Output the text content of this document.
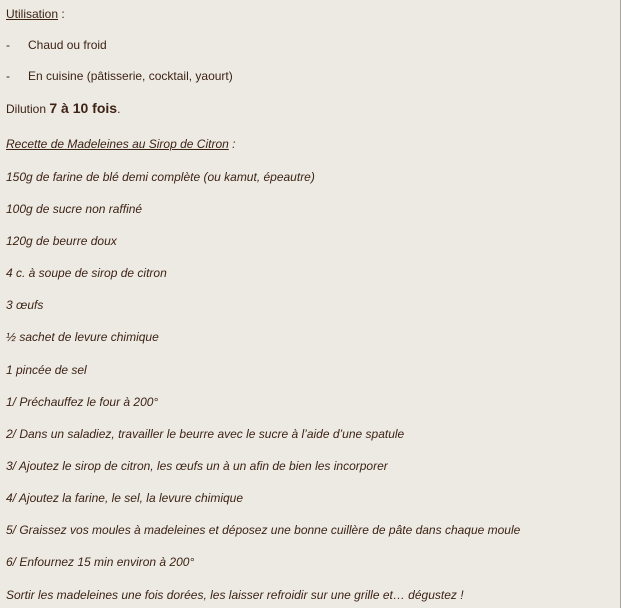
Utilisation :
- Chaud ou froid
- En cuisine (pâtisserie, cocktail, yaourt)
Dilution 7 à 10 fois.
Recette de Madeleines au Sirop de Citron :
150g de farine de blé demi complète (ou kamut, épeautre)
100g de sucre non raffiné
120g de beurre doux
4 c. à soupe de sirop de citron
3 œufs
½ sachet de levure chimique
1 pincée de sel
1/ Préchauffez le four à 200°
2/ Dans un saladiez, travailler le beurre avec le sucre à l’aide d’une spatule
3/ Ajoutez le sirop de citron, les œufs un à un afin de bien les incorporer
4/ Ajoutez la farine, le sel, la levure chimique
5/ Graissez vos moules à madeleines et déposez une bonne cuillère de pâte dans chaque moule
6/ Enfournez 15 min environ à 200°
Sortir les madeleines une fois dorées, les laisser refroidir sur une grille et… dégustez !
